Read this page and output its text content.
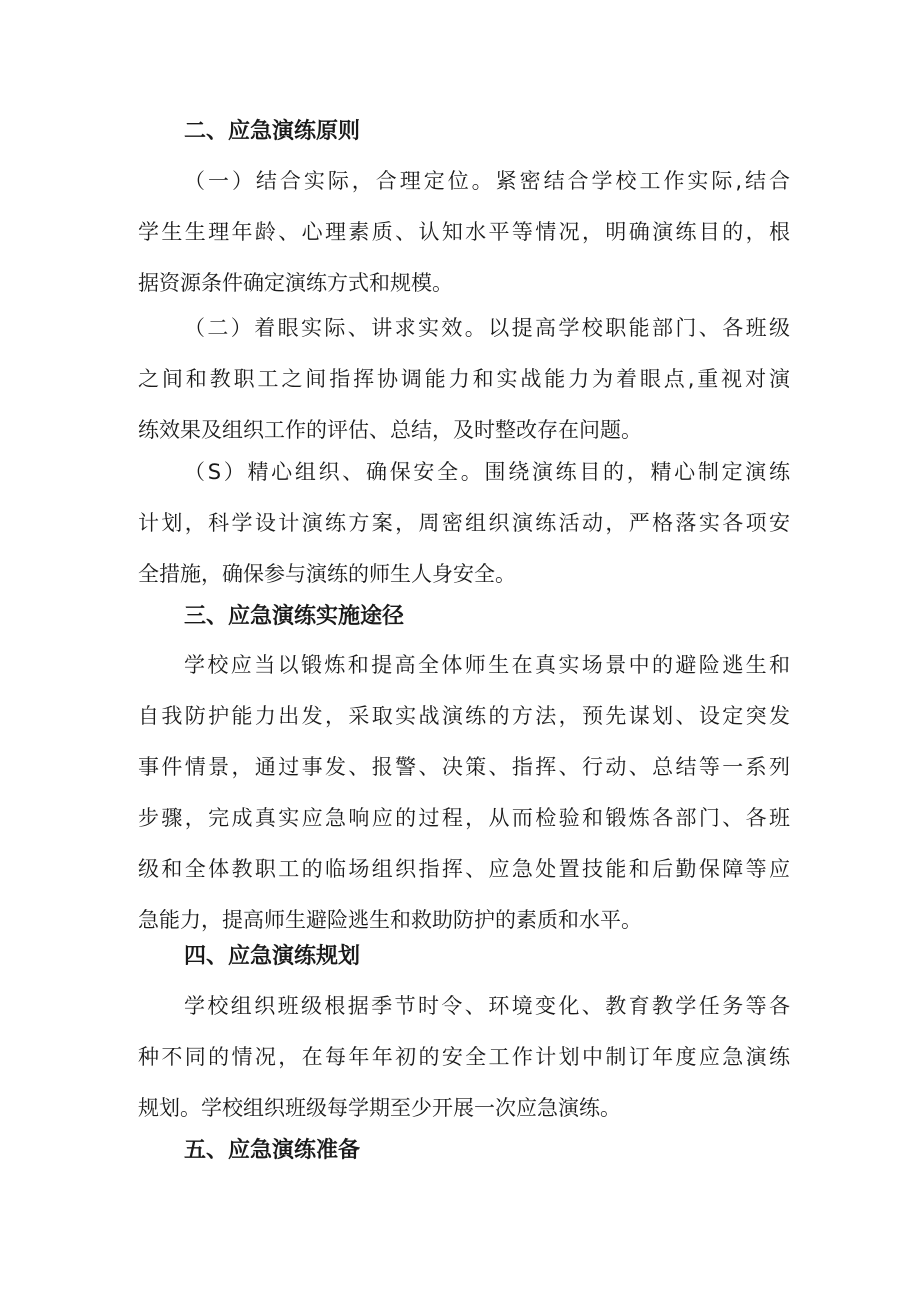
二、应急演练原则
（一）结合实际，合理定位。紧密结合学校工作实际,结合
学生生理年龄、心理素质、认知水平等情况，明确演练目的，根
据资源条件确定演练方式和规模。
（二）着眼实际、讲求实效。以提高学校职能部门、各班级
之间和教职工之间指挥协调能力和实战能力为着眼点,重视对演
练效果及组织工作的评估、总结，及时整改存在问题。
（S）精心组织、确保安全。围绕演练目的，精心制定演练
计划，科学设计演练方案，周密组织演练活动，严格落实各项安
全措施，确保参与演练的师生人身安全。
三、应急演练实施途径
学校应当以锻炼和提高全体师生在真实场景中的避险逃生和
自我防护能力出发，采取实战演练的方法，预先谋划、设定突发
事件情景，通过事发、报警、决策、指挥、行动、总结等一系列
步骤，完成真实应急响应的过程，从而检验和锻炼各部门、各班
级和全体教职工的临场组织指挥、应急处置技能和后勤保障等应
急能力，提高师生避险逃生和救助防护的素质和水平。
四、应急演练规划
学校组织班级根据季节时令、环境变化、教育教学任务等各
种不同的情况，在每年年初的安全工作计划中制订年度应急演练
规划。学校组织班级每学期至少开展一次应急演练。
五、应急演练准备
